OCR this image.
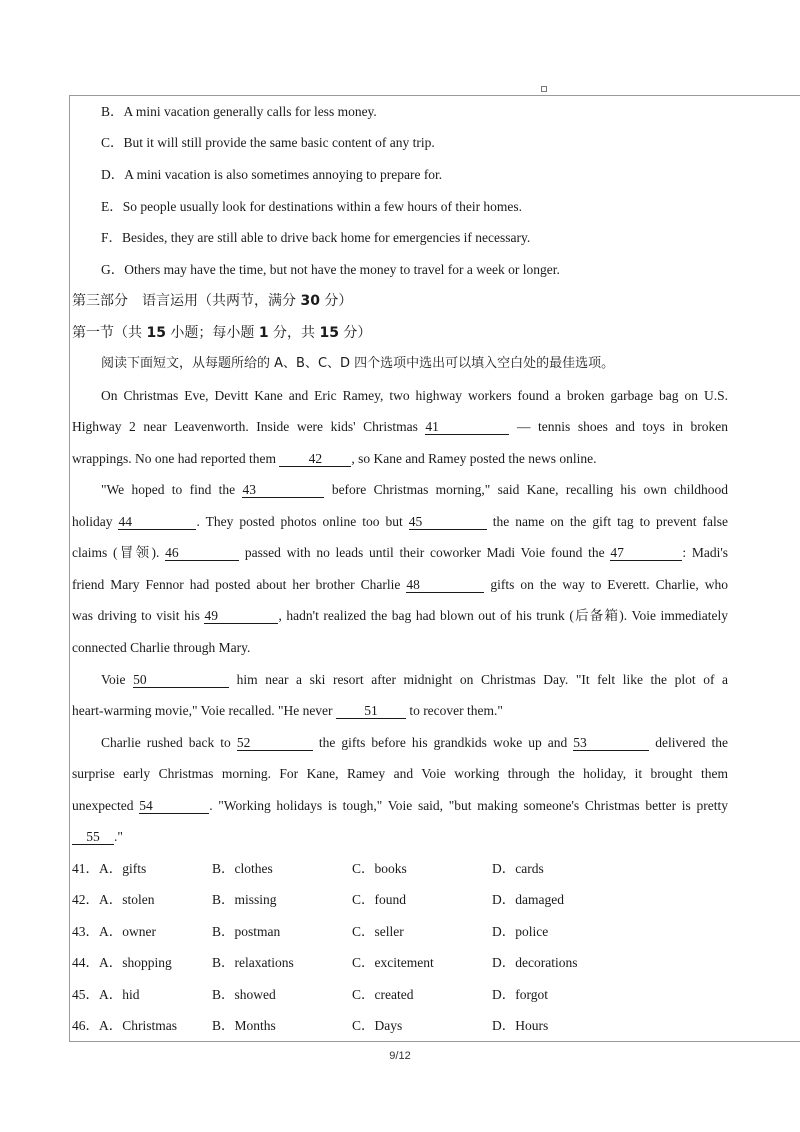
B．A mini vacation generally calls for less money.
C．But it will still provide the same basic content of any trip.
D．A mini vacation is also sometimes annoying to prepare for.
E．So people usually look for destinations within a few hours of their homes.
F．Besides, they are still able to drive back home for emergencies if necessary.
G．Others may have the time, but not have the money to travel for a week or longer.
第三部分　语言运用（共两节，满分 30 分）
第一节（共 15 小题；每小题 1 分，共 15 分）
阅读下面短文，从每题所给的 A、B、C、D 四个选项中选出可以填入空白处的最佳选项。
On Christmas Eve, Devitt Kane and Eric Ramey, two highway workers found a broken garbage bag on U.S.
Highway 2 near Leavenworth. Inside were kids' Christmas 41	— tennis shoes and toys in broken
wrappings. No one had reported them 42 , so Kane and Ramey posted the news online.
"We hoped to find the 43	before Christmas morning," said Kane, recalling his own childhood
holiday 44	. They posted photos online too but 45	the name on the gift tag to prevent false
claims (冒领). 46	passed with no leads until their coworker Madi Voie found the 47	: Madi's
friend Mary Fennor had posted about her brother Charlie 48	gifts on the way to Everett. Charlie, who
was driving to visit his 49	, hadn't realized the bag had blown out of his trunk (后备箱). Voie immediately
connected Charlie through Mary.
Voie 50	him near a ski resort after midnight on Christmas Day. "It felt like the plot of a
heart-warming movie," Voie recalled. "He never 51 to recover them."
Charlie rushed back to 52	the gifts before his grandkids woke up and 53	delivered the
surprise early Christmas morning. For Kane, Ramey and Voie working through the holiday, it brought them
unexpected 54	. "Working holidays is tough," Voie said, "but making someone's Christmas better is pretty
55 ."
41．A．gifts	B．clothes	C．books	D．cards
42．A．stolen	B．missing	C．found	D．damaged
43．A．owner	B．postman	C．seller	D．police
44．A．shopping	B．relaxations	C．excitement	D．decorations
45．A．hid	B．showed	C．created	D．forgot
46．A．Christmas	B．Months	C．Days	D．Hours
9/12
